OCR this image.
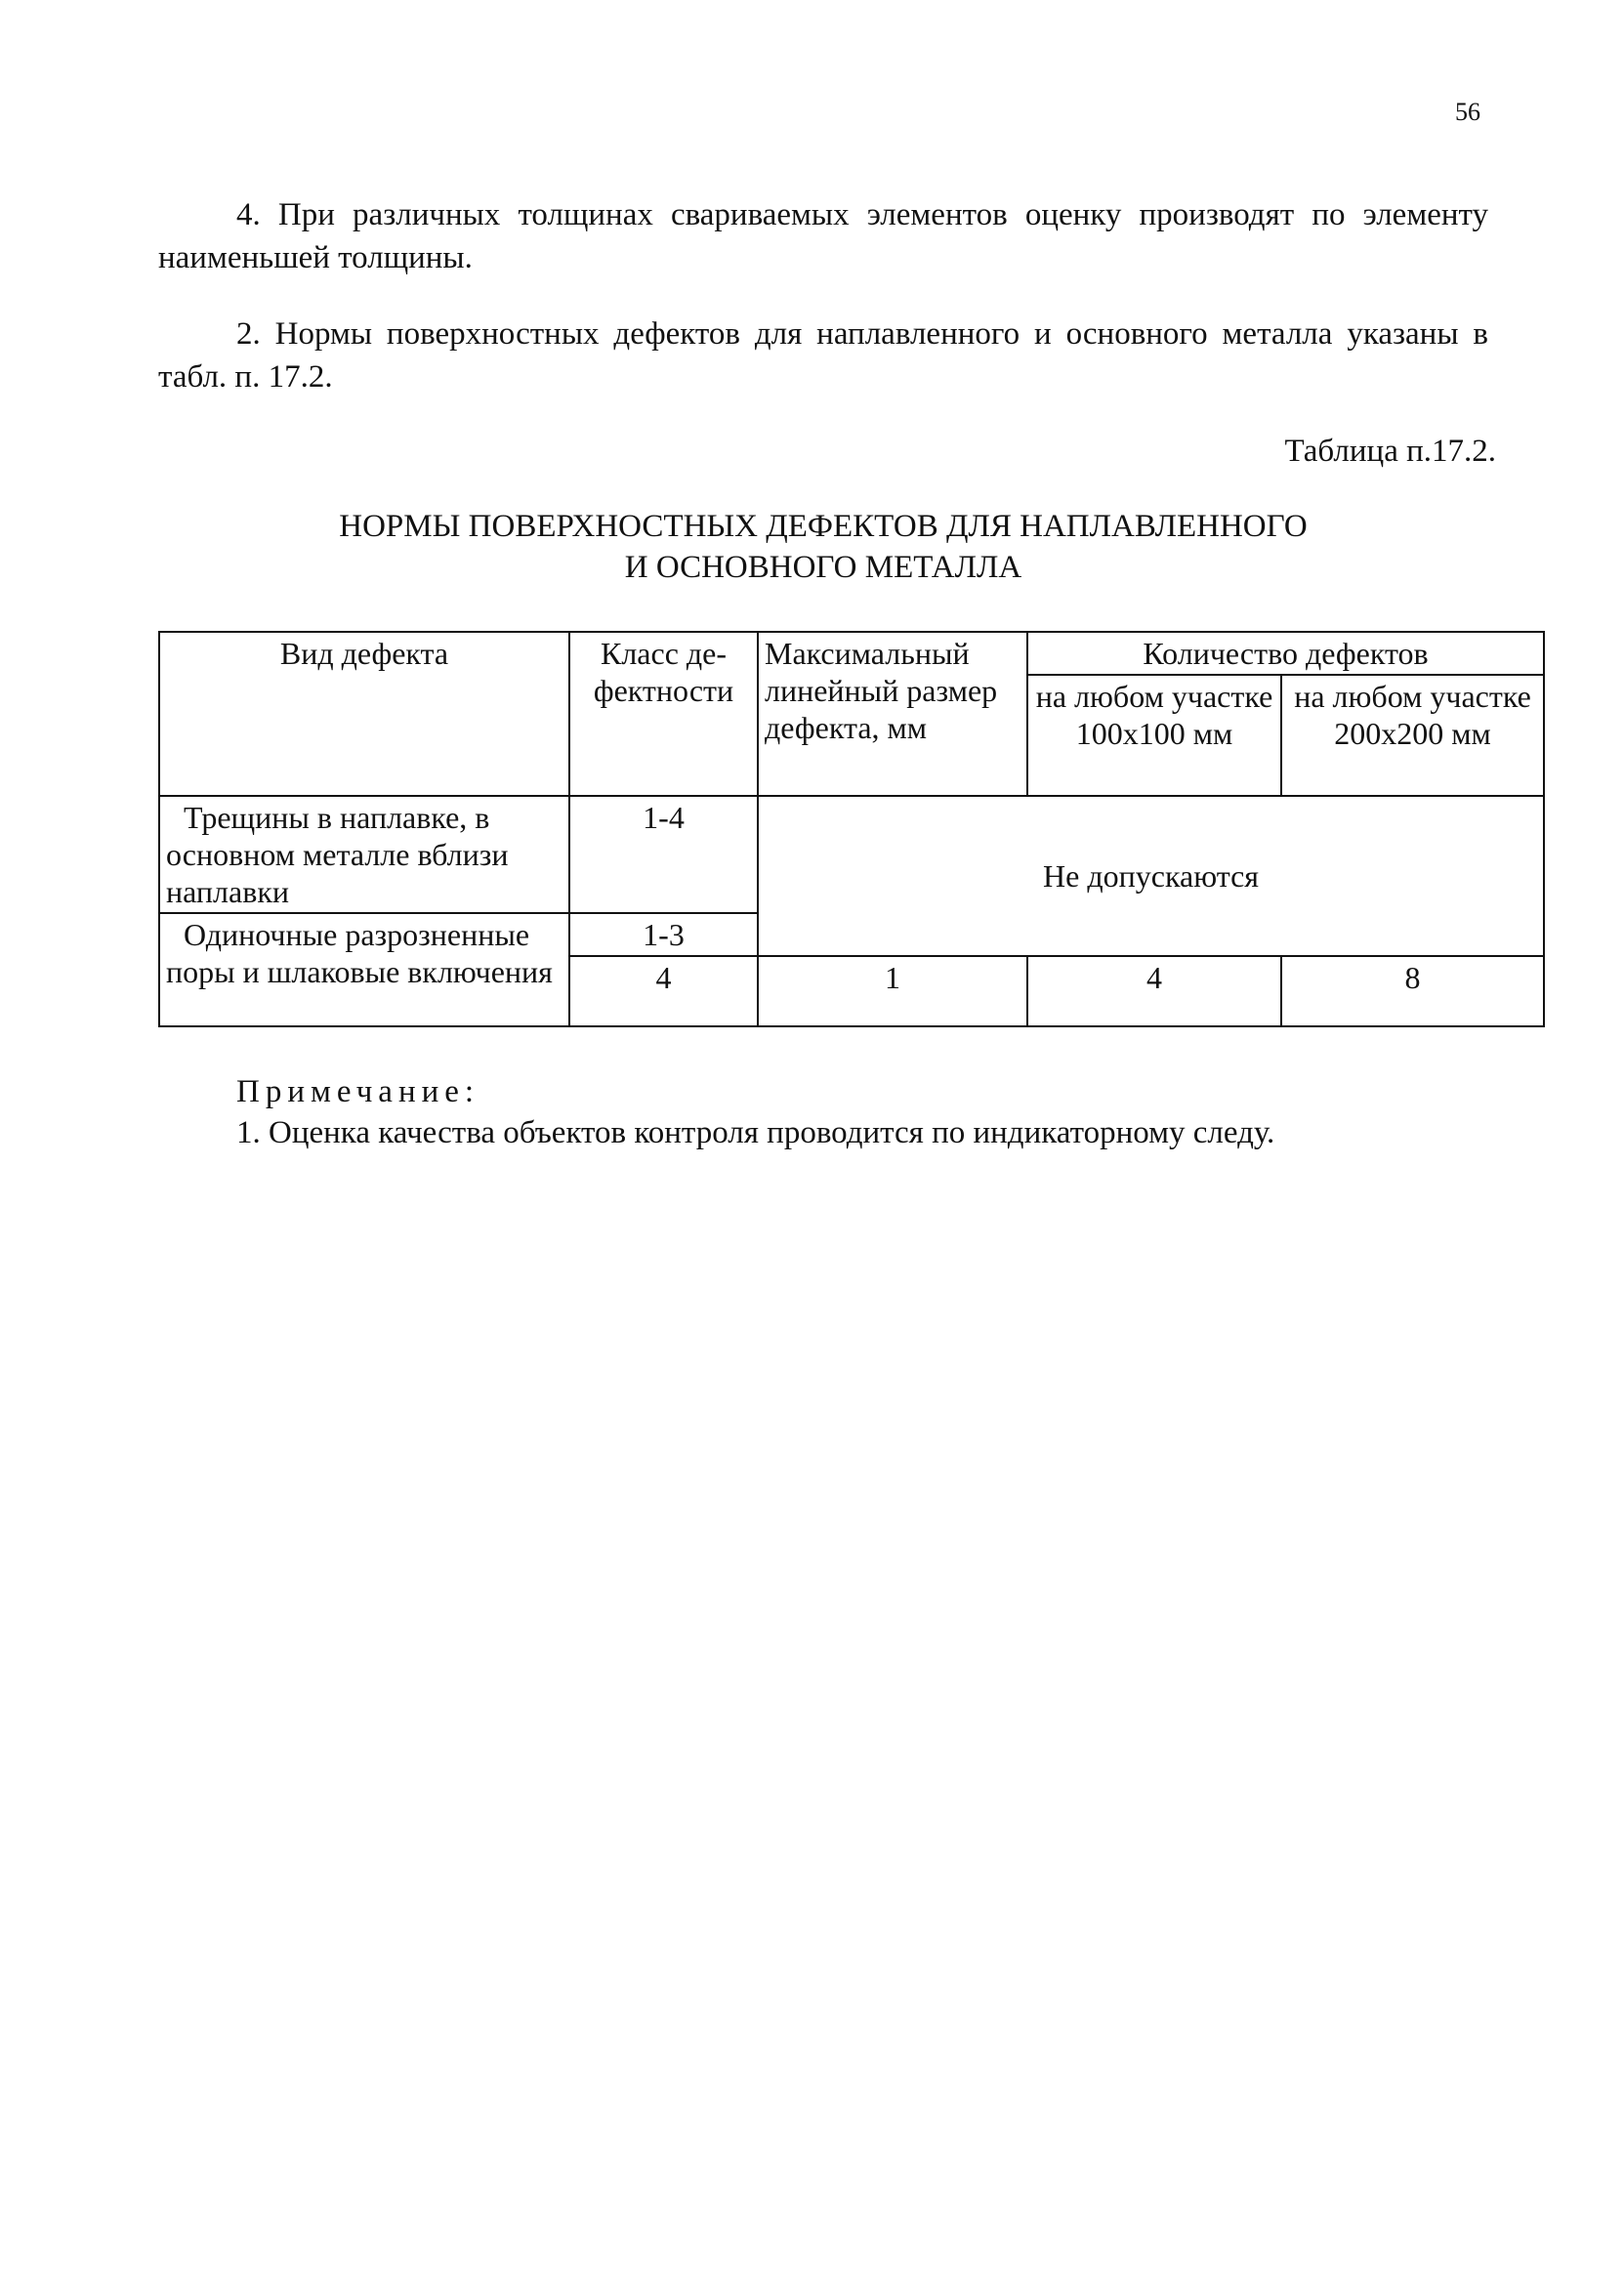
56

4. При различных толщинах свариваемых элементов оценку производят по элементу наименьшей толщины.

2. Нормы поверхностных дефектов для наплавленного и основного металла указаны в табл. п. 17.2.

Таблица п.17.2.
НОРМЫ ПОВЕРХНОСТНЫХ ДЕФЕКТОВ ДЛЯ НАПЛАВЛЕННОГО
И ОСНОВНОГО МЕТАЛЛА
Вид дефекта	Класс де-фектности	Максимальный линейный размер дефекта, мм	Количество дефектов	
			на любом участке 100x100 мм	на любом участке 200x200 мм
Трещины в наплавке, в основном металле вблизи наплавки	1-4	Не допускаются		
Одиночные разрозненные поры и шлаковые включения	1-3			
	4	1	4	8
Примечание:
1. Оценка качества объектов контроля проводится по индикаторному следу.
